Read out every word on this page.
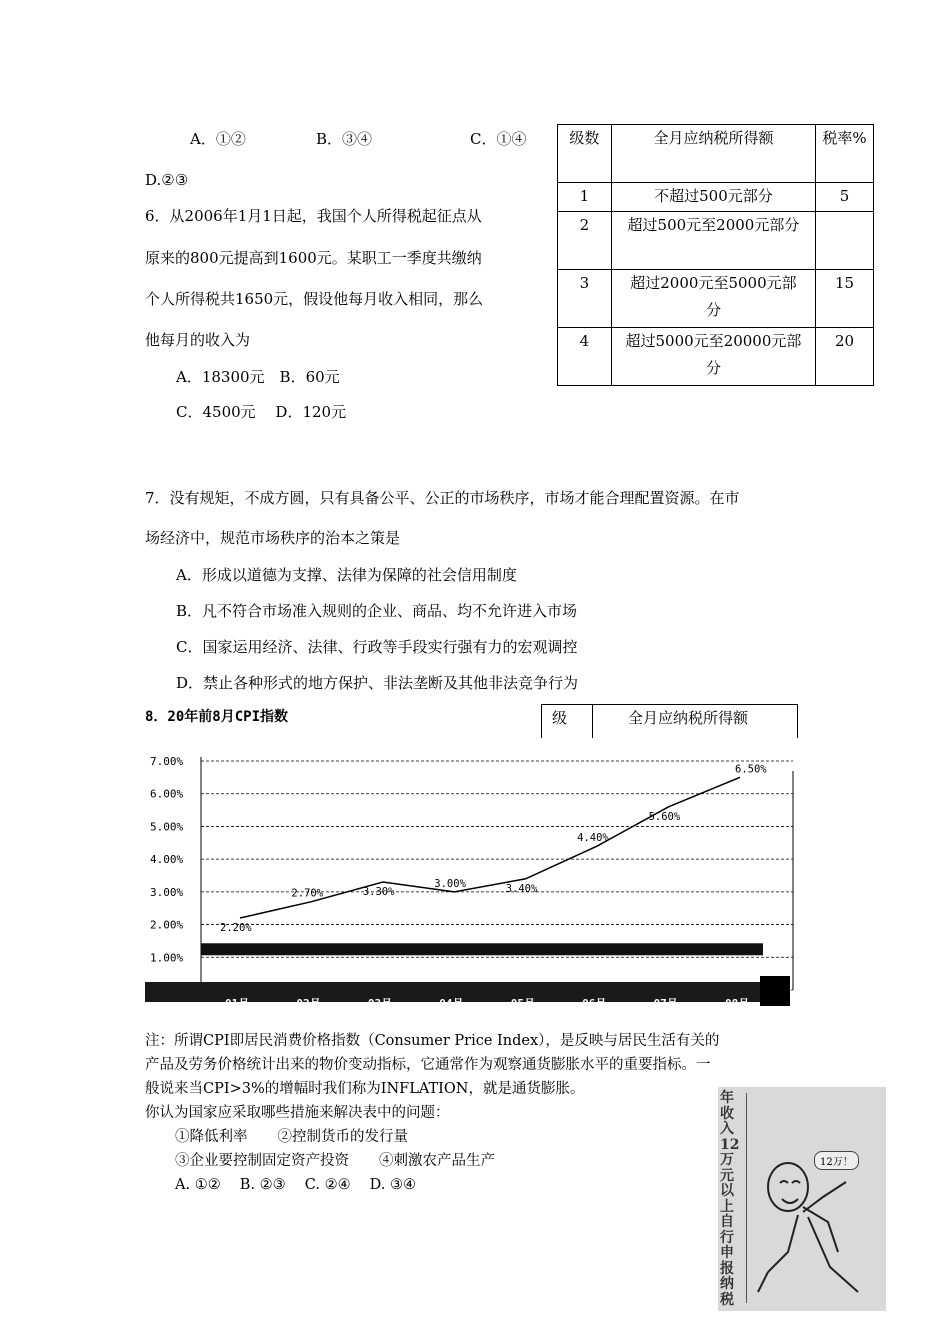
A．①②	B．③④	C．①④
D.②③
6．从2006年1月1日起，我国个人所得税起征点从
原来的800元提高到1600元。某职工一季度共缴纳
个人所得税共1650元，假设他每月收入相同，那么
他每月的收入为
A．18300元　B．60元
C．4500元　 D．120元
级数	全月应纳税所得额	税率%
1	不超过500元部分	5
2	超过500元至2000元部分	
3	超过2000元至5000元部分	15
4	超过5000元至20000元部分	20
7．没有规矩，不成方圆，只有具备公平、公正的市场秩序，市场才能合理配置资源。在市
场经济中，规范市场秩序的治本之策是
A．形成以道德为支撑、法律为保障的社会信用制度
B．凡不符合市场准入规则的企业、商品、均不允许进入市场
C．国家运用经济、法律、行政等手段实行强有力的宏观调控
D．禁止各种形式的地方保护、非法垄断及其他非法竞争行为
8．20年前8月CPI指数	级	全月应纳税所得额
1.00%
2.00%
3.00%
4.00%
5.00%
6.00%
7.00%
2.20%
2.70%	3.30%
3.00%	3.40%
4.40%
5.60%
6.50%
01月	02月	03月	04月	05月	06月	07月	08月

注：所谓CPI即居民消费价格指数（Consumer Price Index），是反映与居民生活有关的

产品及劳务价格统计出来的物价变动指标，它通常作为观察通货膨胀水平的重要指标。一

般说来当CPI>3%的增幅时我们称为INFLATION，就是通货膨胀。

你认为国家应采取哪些措施来解决表中的问题：

①降低利率 ②控制货币的发行量

③企业要控制固定资产投资 ④刺激农产品生产

A. ①②　 B. ②③　 C. ②④　 D. ③④

年收入12万元以上自行申报纳税
12万！
